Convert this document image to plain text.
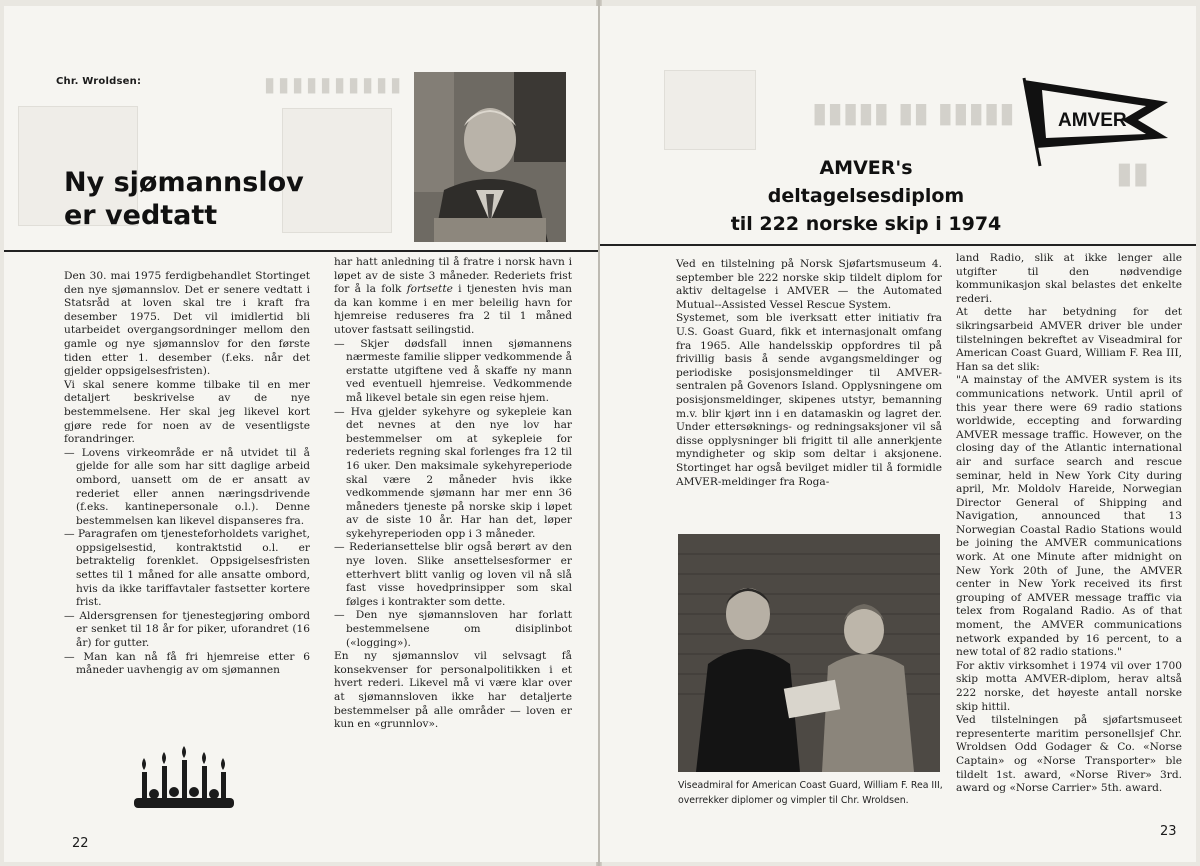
▮▮▮▮▮▮▮▮▮▮
Chr. Wroldsen:
Ny sjømannslov
er vedtatt

Den 30. mai 1975 ferdigbehandlet Stortinget den nye sjømannslov. Det er senere vedtatt i Statsråd at loven skal tre i kraft fra desember 1975. Det vil imidlertid bli utarbeidet overgangsordninger mellom den gamle og nye sjømannslov for den første tiden etter 1. desember (f.eks. når det gjelder oppsigelsesfristen).

Vi skal senere komme tilbake til en mer detaljert beskrivelse av de nye bestemmelsene. Her skal jeg likevel kort gjøre rede for noen av de vesentligste forandringer.

— Lovens virkeområde er nå utvidet til å gjelde for alle som har sitt daglige arbeid ombord, uansett om de er ansatt av rederiet eller annen næringsdrivende (f.eks. kantinepersonale o.l.). Denne bestemmelsen kan likevel dispanseres fra.

— Paragrafen om tjenesteforholdets varighet, oppsigelsestid, kontraktstid o.l. er betraktelig forenklet. Oppsigelsesfristen settes til 1 måned for alle ansatte ombord, hvis da ikke tariffavtaler fastsetter kortere frist.

— Aldersgrensen for tjenestegjøring ombord er senket til 18 år for piker, uforandret (16 år) for gutter.

— Man kan nå få fri hjemreise etter 6 måneder uavhengig av om sjømannen

har hatt anledning til å fratre i norsk havn i løpet av de siste 3 måneder. Rederiets frist for å la folk fortsette i tjenesten hvis man da kan komme i en mer beleilig havn for hjemreise reduseres fra 2 til 1 måned utover fastsatt seilingstid.

— Skjer dødsfall innen sjømannens nærmeste familie slipper vedkommende å erstatte utgiftene ved å skaffe ny mann ved eventuell hjemreise. Vedkommende må likevel betale sin egen reise hjem.

— Hva gjelder sykehyre og sykepleie kan det nevnes at den nye lov har bestemmelser om at sykepleie for rederiets regning skal forlenges fra 12 til 16 uker. Den maksimale sykehyreperiode skal være 2 måneder hvis ikke vedkommende sjømann har mer enn 36 måneders tjeneste på norske skip i løpet av de siste 10 år. Har han det, løper sykehyreperioden opp i 3 måneder.

— Rederiansettelse blir også berørt av den nye loven. Slike ansettelsesformer er etterhvert blitt vanlig og loven vil nå slå fast visse hovedprinsipper som skal følges i kontrakter som dette.

— Den nye sjømannsloven har forlatt bestemmelsene om disiplinbot («logging»).

En ny sjømannslov vil selvsagt få konsekvenser for personalpolitikken i et hvert rederi. Likevel må vi være klar over at sjømannsloven ikke har detaljerte bestemmelser på alle områder — loven er kun en «grunnlov».

22
▮▮▮▮▮ ▮▮ ▮▮▮▮▮
▮▮
AMVER's
deltagelsesdiplom
til 222 norske skip i 1974
AMVER

Ved en tilstelning på Norsk Sjøfartsmuseum 4. september ble 222 norske skip tildelt diplom for aktiv deltagelse i AMVER — the Automated Mutual--Assisted Vessel Rescue System.

Systemet, som ble iverksatt etter initiativ fra U.S. Goast Guard, fikk et internasjonalt omfang fra 1965. Alle handelsskip oppfordres til på frivillig basis å sende avgangsmeldinger og periodiske posisjonsmeldinger til AMVER-sentralen på Govenors Island. Opplysningene om posisjonsmeldinger, skipenes utstyr, bemanning m.v. blir kjørt inn i en datamaskin og lagret der. Under ettersøknings- og redningsaksjoner vil så disse opplysninger bli frigitt til alle annerkjente myndigheter og skip som deltar i aksjonene. Stortinget har også bevilget midler til å formidle AMVER-meldinger fra Roga-

Viseadmiral for American Coast Guard, William F. Rea III, overrekker diplomer og vimpler til Chr. Wroldsen.

land Radio, slik at ikke lenger alle utgifter til den nødvendige kommunikasjon skal belastes det enkelte rederi.

At dette har betydning for det sikringsarbeid AMVER driver ble under tilstelningen bekreftet av Viseadmiral for American Coast Guard, William F. Rea III, Han sa det slik:

"A mainstay of the AMVER system is its communications network. Until april of this year there were 69 radio stations worldwide, eccepting and forwarding AMVER message traffic. However, on the closing day of the Atlantic international air and surface search and rescue seminar, held in New York City during april, Mr. Moldolv Hareide, Norwegian Director General of Shipping and Navigation, announced that 13 Norwegian Coastal Radio Stations would be joining the AMVER communications work. At one Minute after midnight on New York 20th of June, the AMVER center in New York received its first grouping of AMVER message traffic via telex from Rogaland Radio. As of that moment, the AMVER communications network expanded by 16 percent, to a new total of 82 radio stations."

For aktiv virksomhet i 1974 vil over 1700 skip motta AMVER-diplom, herav altså 222 norske, det høyeste antall norske skip hittil.

Ved tilstelningen på sjøfartsmuseet representerte maritim personellsjef Chr. Wroldsen Odd Godager & Co. «Norse Captain» og «Norse Transporter» ble tildelt 1st. award, «Norse River» 3rd. award og «Norse Carrier» 5th. award.

23
